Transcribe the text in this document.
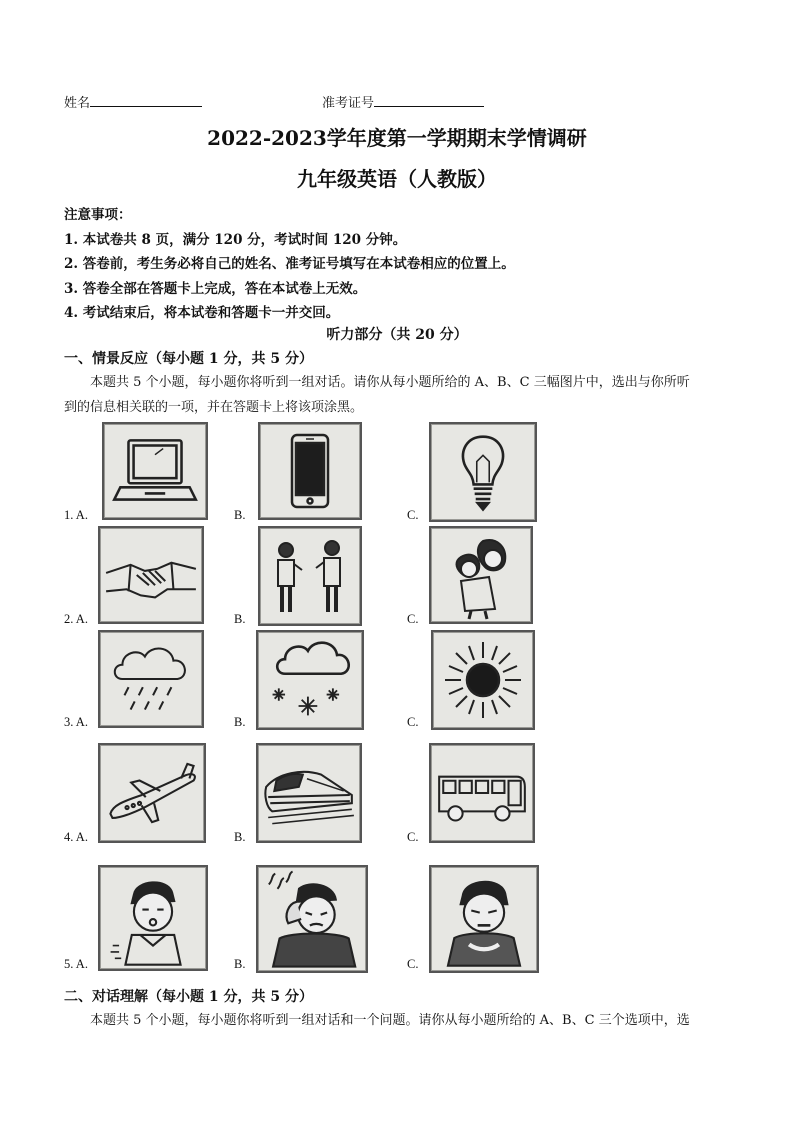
姓名	准考证号
2022-2023学年度第一学期期末学情调研
九年级英语（人教版）
注意事项：
1. 本试卷共 8 页，满分 120 分，考试时间 120 分钟。
2. 答卷前，考生务必将自己的姓名、准考证号填写在本试卷相应的位置上。
3. 答卷全部在答题卡上完成，答在本试卷上无效。
4. 考试结束后，将本试卷和答题卡一并交回。
听力部分（共 20 分）
一、情景反应（每小题 1 分，共 5 分）
本题共 5 个小题，每小题你将听到一组对话。请你从每小题所给的 A、B、C 三幅图片中，选出与你所听
到的信息相关联的一项，并在答题卡上将该项涂黑。
1. A.	B.	C.
2. A.	B.	C.
3. A.	B.	C.
4. A.	B.	C.
5. A.	B.	C.
二、对话理解（每小题 1 分，共 5 分）
本题共 5 个小题，每小题你将听到一组对话和一个问题。请你从每小题所给的 A、B、C 三个选项中，选
